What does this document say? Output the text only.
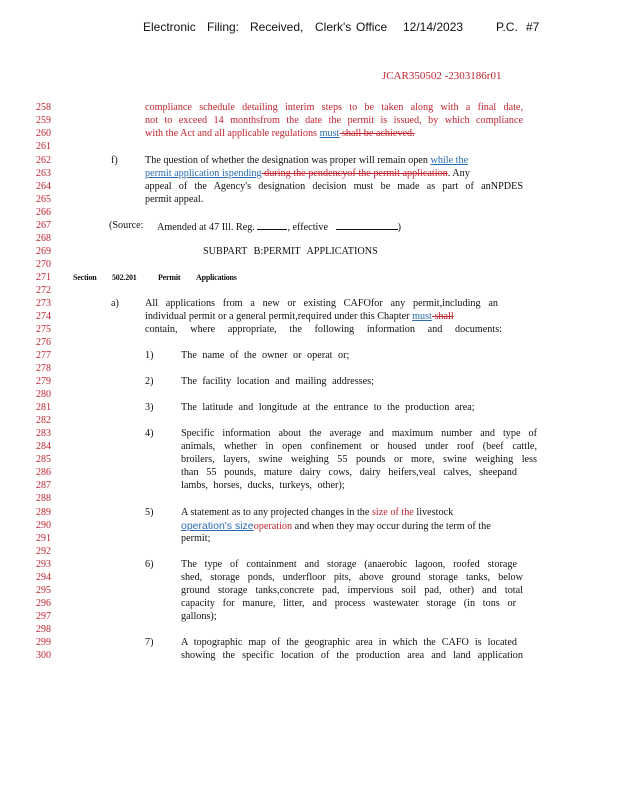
Electronic Filing: Received, Clerk's Office 12/14/2023	P.C. #7
JCAR350502 -2303186r01
258	compliance schedule detailing interim steps to be taken along with a final date,
259	not to exceed 14 monthsfrom the date the permit is issued, by which compliance
260	with the Act and all applicable regulations must shall be achieved.
261
262	f)	The question of whether the designation was proper will remain open while the
263	permit application ispending during the pendencyof the permit application. Any
264	appeal of the Agency's designation decision must be made as part of anNPDES
265	permit appeal.
266
267	(Source: Amended at 47 Ill. Reg.	, effective	)
268
269	SUBPART B:PERMIT APPLICATIONS
270
271	Section 502.201	Permit Applications
272
273	a)	All applications from a new or existing CAFOfor any permit,including an
274	individual permit or a general permit,required under this Chapter must shall
275	contain, where appropriate, the following information and documents:
276
277	1)	The name of the owner or operat or;
278
279	2)	The facility location and mailing addresses;
280
281	3)	The latitude and longitude at the entrance to the production area;
282
283	4)	Specific information about the average and maximum number and type of
284	animals, whether in open confinement or housed under roof (beef cattle,
285	broilers, layers, swine weighing 55 pounds or more, swine weighing less
286	than 55 pounds, mature dairy cows, dairy heifers,veal calves, sheepand
287	lambs, horses, ducks, turkeys, other);
288
289	5)	A statement as to any projected changes in the size of the livestock
290	operation's sizeoperation and when they may occur during the term of the
291	permit;
292
293	6)	The type of containment and storage (anaerobic lagoon, roofed storage
294	shed, storage ponds, underfloor pits, above ground storage tanks, below
295	ground storage tanks,concrete pad, impervious soil pad, other) and total
296	capacity for manure, litter, and process wastewater storage (in tons or
297	gallons);
298
299	7)	A topographic map of the geographic area in which the CAFO is located
300	showing the specific location of the production area and land application
